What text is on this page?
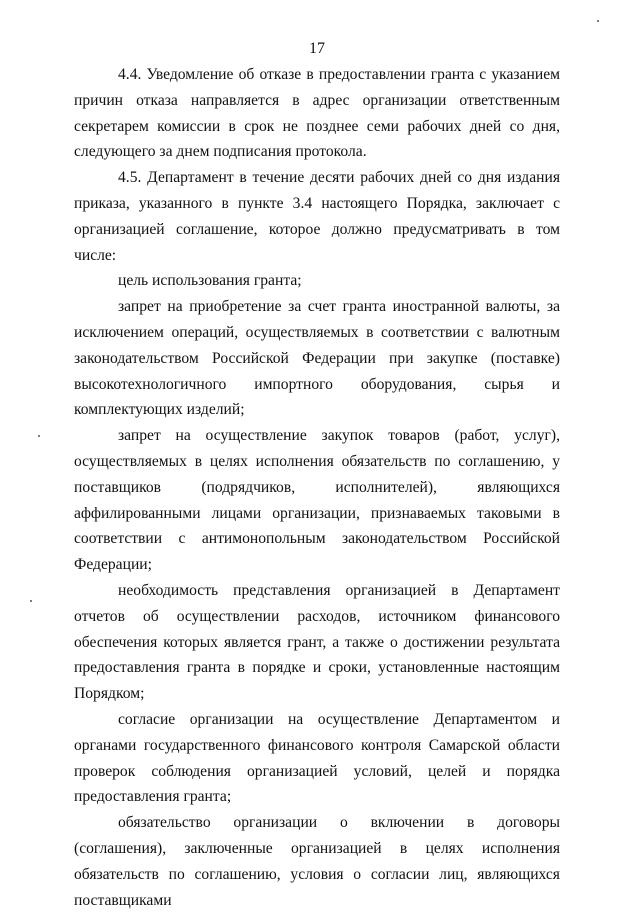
17

4.4. Уведомление об отказе в предоставлении гранта с указанием причин отказа направляется в адрес организации ответственным секретарем комиссии в срок не позднее семи рабочих дней со дня, следующего за днем подписания протокола.

4.5. Департамент в течение десяти рабочих дней со дня издания приказа, указанного в пункте 3.4 настоящего Порядка, заключает с организацией соглашение, которое должно предусматривать в том числе:

цель использования гранта;

запрет на приобретение за счет гранта иностранной валюты, за исключением операций, осуществляемых в соответствии с валютным законодательством Российской Федерации при закупке (поставке) высокотехнологичного импортного оборудования, сырья и комплектующих изделий;

запрет на осуществление закупок товаров (работ, услуг), осуществляемых в целях исполнения обязательств по соглашению, у поставщиков (подрядчиков, исполнителей), являющихся аффилированными лицами организации, признаваемых таковыми в соответствии с антимонопольным законодательством Российской Федерации;

необходимость представления организацией в Департамент отчетов об осуществлении расходов, источником финансового обеспечения которых является грант, а также о достижении результата предоставления гранта в порядке и сроки, установленные настоящим Порядком;

согласие организации на осуществление Департаментом и органами государственного финансового контроля Самарской области проверок соблюдения организацией условий, целей и порядка предоставления гранта;

обязательство организации о включении в договоры (соглашения), заключенные организацией в целях исполнения обязательств по соглашению, условия о согласии лиц, являющихся поставщиками
